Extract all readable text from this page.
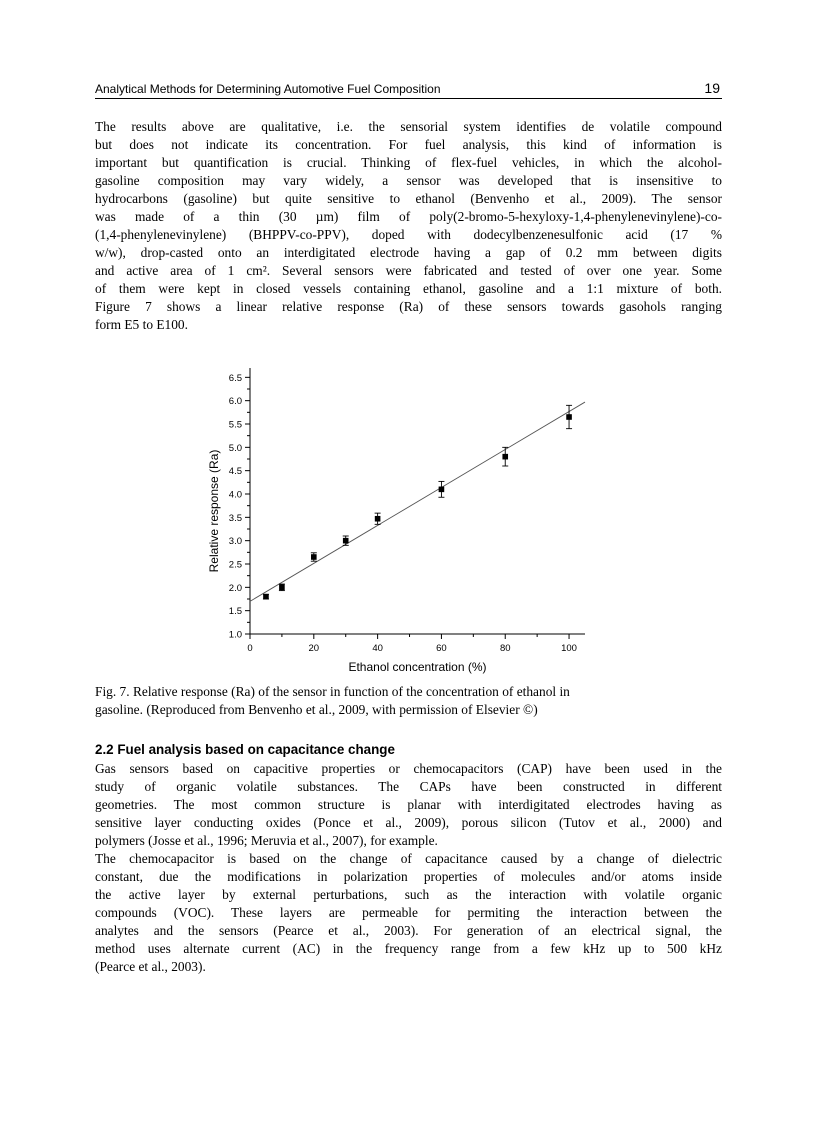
Analytical Methods for Determining Automotive Fuel Composition	19
The results above are qualitative, i.e. the sensorial system identifies de volatile compound
but does not indicate its concentration. For fuel analysis, this kind of information is
important but quantification is crucial. Thinking of flex-fuel vehicles, in which the alcohol-
gasoline composition may vary widely, a sensor was developed that is insensitive to
hydrocarbons (gasoline) but quite sensitive to ethanol (Benvenho et al., 2009). The sensor
was made of a thin (30 µm) film of poly(2-bromo-5-hexyloxy-1,4-phenylenevinylene)-co-
(1,4-phenylenevinylene) (BHPPV-co-PPV), doped with dodecylbenzenesulfonic acid (17 %
w/w), drop-casted onto an interdigitated electrode having a gap of 0.2 mm between digits
and active area of 1 cm². Several sensors were fabricated and tested of over one year. Some
of them were kept in closed vessels containing ethanol, gasoline and a 1:1 mixture of both.
Figure 7 shows a linear relative response (Ra) of these sensors towards gasohols ranging
form E5 to E100.
1.0
1.5
2.0
2.5
3.0
3.5
4.0
4.5
5.0
5.5
6.0
6.5
0	20	40	60	80	100
Ethanol concentration (%)
Relative response (Ra)
Fig. 7. Relative response (Ra) of the sensor in function of the concentration of ethanol in
gasoline. (Reproduced from Benvenho et al., 2009, with permission of Elsevier ©)
2.2 Fuel analysis based on capacitance change
Gas sensors based on capacitive properties or chemocapacitors (CAP) have been used in the
study of organic volatile substances. The CAPs have been constructed in different
geometries. The most common structure is planar with interdigitated electrodes having as
sensitive layer conducting oxides (Ponce et al., 2009), porous silicon (Tutov et al., 2000) and
polymers (Josse et al., 1996; Meruvia et al., 2007), for example.
The chemocapacitor is based on the change of capacitance caused by a change of dielectric
constant, due the modifications in polarization properties of molecules and/or atoms inside
the active layer by external perturbations, such as the interaction with volatile organic
compounds (VOC). These layers are permeable for permiting the interaction between the
analytes and the sensors (Pearce et al., 2003). For generation of an electrical signal, the
method uses alternate current (AC) in the frequency range from a few kHz up to 500 kHz
(Pearce et al., 2003).
